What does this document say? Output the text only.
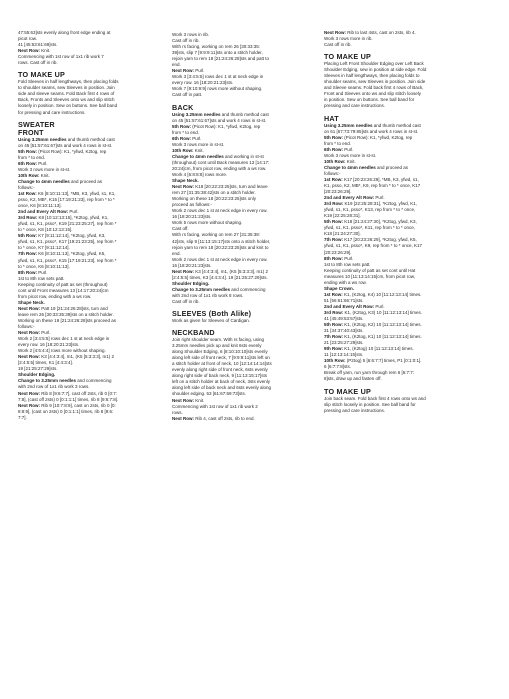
47:55:63]sts evenly along front edge ending at
picot row.
41 [45:53:61:69]sts.
Next Row: Knit.
Commencing with 1st row of 1x1 rib work 7
rows. Cast off in rib.
TO MAKE UP
Fold Sleeves in half lengthways, then placing folds
to shoulder seams, sew Sleeves in position. Join
side and sleeve seams. Fold Back first 4 rows of
Back, Fronts and Sleeves onto ws and slip stitch
loosely in position. Sew on buttons. See ball band
for pressing and care instructions.
SWEATER
FRONT
Using 3.25mm needles and thumb method cast
on 45 [51:57:61:67]sts and work 4 rows in st-st.
5th Row: (Picot Row): K1, *yfwd, K2tog, rep
from * to end.
6th Row: Purl.
Work 3 rows more in st-st.
10th Row: Knit.
Change to 4mm needles and proceed as
follows:-
1st Row: K6 [8:10:11:13], *MB, K3, yfwd, s1, K1,
psso, K2, MB*, K15 [17:19:21:23], rep from * to *
once, K6 [8:10:11:13].
2nd and Every Alt Row: Purl.
3rd Row: K8 [10:12:13:15], *K2tog, yfwd, K1,
yfwd, s1, K1, psso*, K19 [21:23:25:27], rep from *
to * once, K8 [10:12:13:15].
5th Row: K7 [9:11:12:14], *K2tog, yfwd, K3,
yfwd, s1, K1, psso*, K17 [19:21:23:25], rep from *
to * once, K7 [9:11:12:14].
7th Row: K6 [8:10:11:13], *K2tog, yfwd, K5,
yfwd, s1, K1, psso*, K15 [17:19:21:23], rep from *
to * once, K6 [8:10:11:13].
8th Row: Purl.
1st to 8th row sets patt.
Keeping continuity of patt as set (throughout)
cont until Front measures 13 [14:17:20:24]cm
from picot row, ending with a ws row.
Shape Neck.
Next Row: Patt 19 [21:24:26:28]sts, turn and
leave rem 26 [30:33:35:39]sts on a stitch holder.
Working on these 19 [21:24:26:28]sts proceed as
follows:-
Next Row: Purl.
Work 2 [3:4:5:5] rows dec 1 st at neck edge in
every row. 16 [18:20:21:23]sts.
Work 2 [4:5:4:4] rows more without shaping.
Next Row: K3 [4:4:3:4], m1, (K5 [5:3:3:3], m1) 2
[2:4:5:5] times, K1 [4:4:3:4].
19 [21:25:27:29]sts.
Shoulder Edging.
Change to 3.25mm needles and commencing
with 2nd row of 1x1 rib work 3 rows.
Next Row: Rib 8 [9:6:7:7], cast off 2sts, rib 0 [0:7:
7:8], (cast off 2sts) 0 [0:1:1:1] times, rib 8 [9:6:7:8].
Next Row: Rib 9 [10:7:8:9], cast on 2sts, rib 0 [0:
8:8:9], (cast on 2sts) 0 [0:1:1:1] times, rib 8 [9:6:
7:7].
Work 3 rows in rib.
Cast off in rib.
With rs facing, working on rem 26 [30:33:35:
39]sts, slip 7 [9:9:9:11]sts onto a stitch holder,
rejoin yarn to rem 19 [21:24:26:28]sts and patt to
end.
Next Row: Purl.
Work 3 [3:4:5:5] rows dec 1 st at neck edge in
every row. 16 [18:20:21:23]sts.
Work 7 [9:10:9:9] rows more without shaping.
Cast off in patt.
BACK
Using 3.25mm needles and thumb method cast
on 45 [51:57:61:67]sts and work 4 rows in st-st.
5th Row: (Picot Row): K1, *yfwd, K2tog, rep
from * to end.
6th Row: Purl.
Work 3 rows more in st-st.
10th Row: Knit.
Change to 4mm needles and working in st-st
(throughout) cont until Back measures 13 [14:17:
20:24]cm, from picot row, ending with a ws row.
Work 4 [6:8:8:8] rows more.
Shape Neck.
Next Row: K18 [20:22:23:25]sts, turn and leave
rem 27 [31:35:38:42]sts on a stitch holder.
Working on these 18 [20:22:23:25]sts only
proceed as follows:-
Work 2 rows dec 1 st at neck edge in every row.
16 [18:20:21:23]sts.
Work 5 rows more without shaping.
Cast off.
With rs facing, working on rem 27 [31:35:38:
42]sts, slip 9 [11:13:15:17]sts onto a stitch holder,
rejoin yarn to rem 18 [20:22:23:25]sts and knit to
end.
Work 2 rows dec 1 st at neck edge in every row.
16 [18:20:21:23]sts.
Next Row: K3 [4:4:3:4], m1, (K5 [5:3:3:3], m1) 2
[2:4:5:5] times, K3 [4:4:3:4]. 19 [21:25:27:29]sts.
Shoulder Edging.
Change to 3.25mm needles and commencing
with 2nd row of 1x1 rib work 8 rows.
Cast off in rib.
SLEEVES (Both Alike)
Work as given for Sleeves of Cardigan.
NECKBAND
Join right shoulder seam. With rs facing, using
3.25mm needles pick up and knit 6sts evenly
along Shoulder Edging, 6 [8:10:10:10]sts evenly
along left side of front neck, 7 [9:9:9:11]sts left on
a stitch holder at front of neck, 10 [12:14:14:14]sts
evenly along right side of front neck, 6sts evenly
along right side of back neck, 9 [11:13:15:17]sts
left on a stitch holder at back of neck, 3sts evenly
along left side of back neck and 6sts evenly along
shoulder edging. 53 [61:67:69:73]sts.
Next Row: Knit.
Commencing with 1st row of 1x1 rib work 2
rows.
Next Row: Rib 4, cast off 2sts, rib to end.
Next Row: Rib to last 4sts, cast on 2sts, rib 4.
Work 3 rows more in rib.
Cast off in rib.
TO MAKE UP
Placing Left Front Shoulder Edging over Left Back
Shoulder Edging, sew in position at side edge. Fold
Sleeves in half lengthways, then placing folds to
shoulder seams, sew Sleeves in position. Join side
and Sleeve seams. Fold back first 4 rows of Back,
Front and Sleeves onto ws and slip stitch loosely
in position. Sew on buttons. See ball band for
pressing and care instructions.
HAT
Using 3.25mm needles and thumb method cast
on 61 [67:73:79:85]sts and work 4 rows in st-st.
5th Row: (Picot Row): K1, *yfwd, K2tog, rep
from * to end.
6th Row: Purl.
Work 3 rows more in st-st.
10th Row: Knit.
Change to 4mm needles and proceed as
follows:-
1st Row: K17 [20:23:26:29], *MB, K3, yfwd, s1,
K1, psso, K2, MB*, K9, rep from * to * once, K17
[20:23:26:29].
2nd and Every Alt Row: Purl.
3rd Row: K19 [22:25:28:31], *K2tog, yfwd, K1,
yfwd, s1, K1, psso*, K13, rep from * to * once,
K19 [22:25:28:31].
5th Row: K18 [21:24:27:30], *K2tog, yfwd, K3,
yfwd, s1, K1, psso*, K11, rep from * to * once,
K18 [21:24:27:30].
7th Row: K17 [20:23:26:29], *K2tog, yfwd, K5,
yfwd, s1, K1, psso*, K9, rep from * to * once, K17
[20:23:26:29].
8th Row: Purl.
1st to 8th row sets patt.
Keeping continuity of patt as set cont until Hat
measures 10 [11:13:14:15]cm, from picot row,
ending with a ws row.
Shape Crown.
1st Row: K1, (K2tog, K4) 10 [11:12:13:14] times.
51 [56:61:66:71]sts.
2nd and Every Alt Row: Purl.
3rd Row: K1, (K2tog, K3) 10 [11:12:13:14] times.
41 [45:49:53:57]sts.
5th Row: K1, (K2tog, K2) 10 [11:12:13:14] times.
31 [34:37:40:43]sts.
7th Row: K1, (K2tog, K1) 10 [11:12:13:14] times.
21 [23:25:27:29]sts.
9th Row: K1, (K2tog) 10 [11:12:13:14] times.
11 [12:13:14:15]sts.
10th Row: (P2tog) 5 [6:6:7:7] times, P1 [0:1:0:1].
6 [6:7:7:8]sts.
Break off yarn, run yarn through rem 6 [6:7:7:
8]sts, draw up and fasten off.
TO MAKE UP
Join back seam. Fold back first 4 rows onto ws and
slip stitch loosely in position. See ball band for
pressing and care instructions.
